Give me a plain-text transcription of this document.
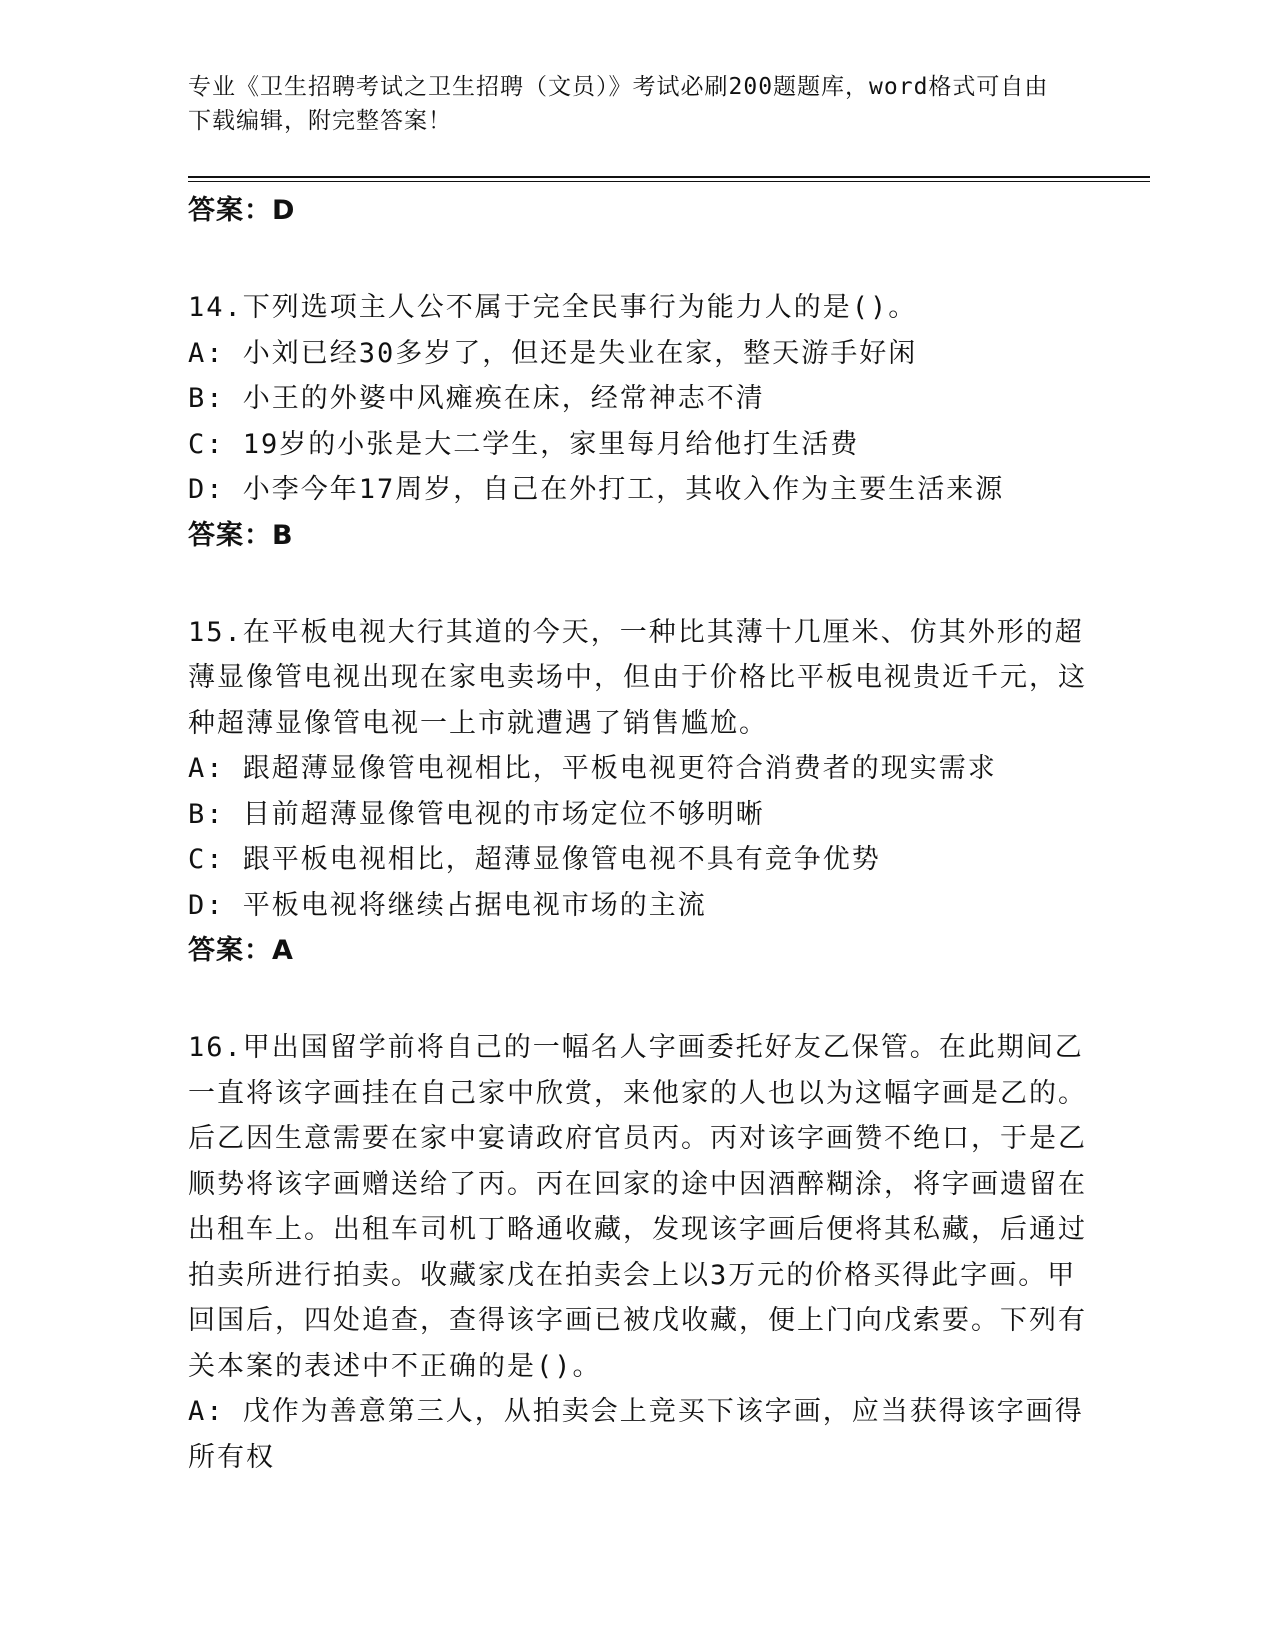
专业《卫生招聘考试之卫生招聘（文员）》考试必刷200题题库，word格式可自由下载编辑，附完整答案！

答案：D

14.下列选项主人公不属于完全民事行为能力人的是()。

A: 小刘已经30多岁了，但还是失业在家，整天游手好闲

B: 小王的外婆中风瘫痪在床，经常神志不清

C: 19岁的小张是大二学生，家里每月给他打生活费

D: 小李今年17周岁，自己在外打工，其收入作为主要生活来源

答案：B

15.在平板电视大行其道的今天，一种比其薄十几厘米、仿其外形的超薄显像管电视出现在家电卖场中，但由于价格比平板电视贵近千元，这种超薄显像管电视一上市就遭遇了销售尴尬。

A: 跟超薄显像管电视相比，平板电视更符合消费者的现实需求

B: 目前超薄显像管电视的市场定位不够明晰

C: 跟平板电视相比，超薄显像管电视不具有竞争优势

D: 平板电视将继续占据电视市场的主流

答案：A

16.甲出国留学前将自己的一幅名人字画委托好友乙保管。在此期间乙一直将该字画挂在自己家中欣赏，来他家的人也以为这幅字画是乙的。后乙因生意需要在家中宴请政府官员丙。丙对该字画赞不绝口，于是乙顺势将该字画赠送给了丙。丙在回家的途中因酒醉糊涂，将字画遗留在出租车上。出租车司机丁略通收藏，发现该字画后便将其私藏，后通过拍卖所进行拍卖。收藏家戊在拍卖会上以3万元的价格买得此字画。甲回国后，四处追查，查得该字画已被戊收藏，便上门向戊索要。下列有关本案的表述中不正确的是()。

A: 戊作为善意第三人，从拍卖会上竞买下该字画，应当获得该字画得所有权
